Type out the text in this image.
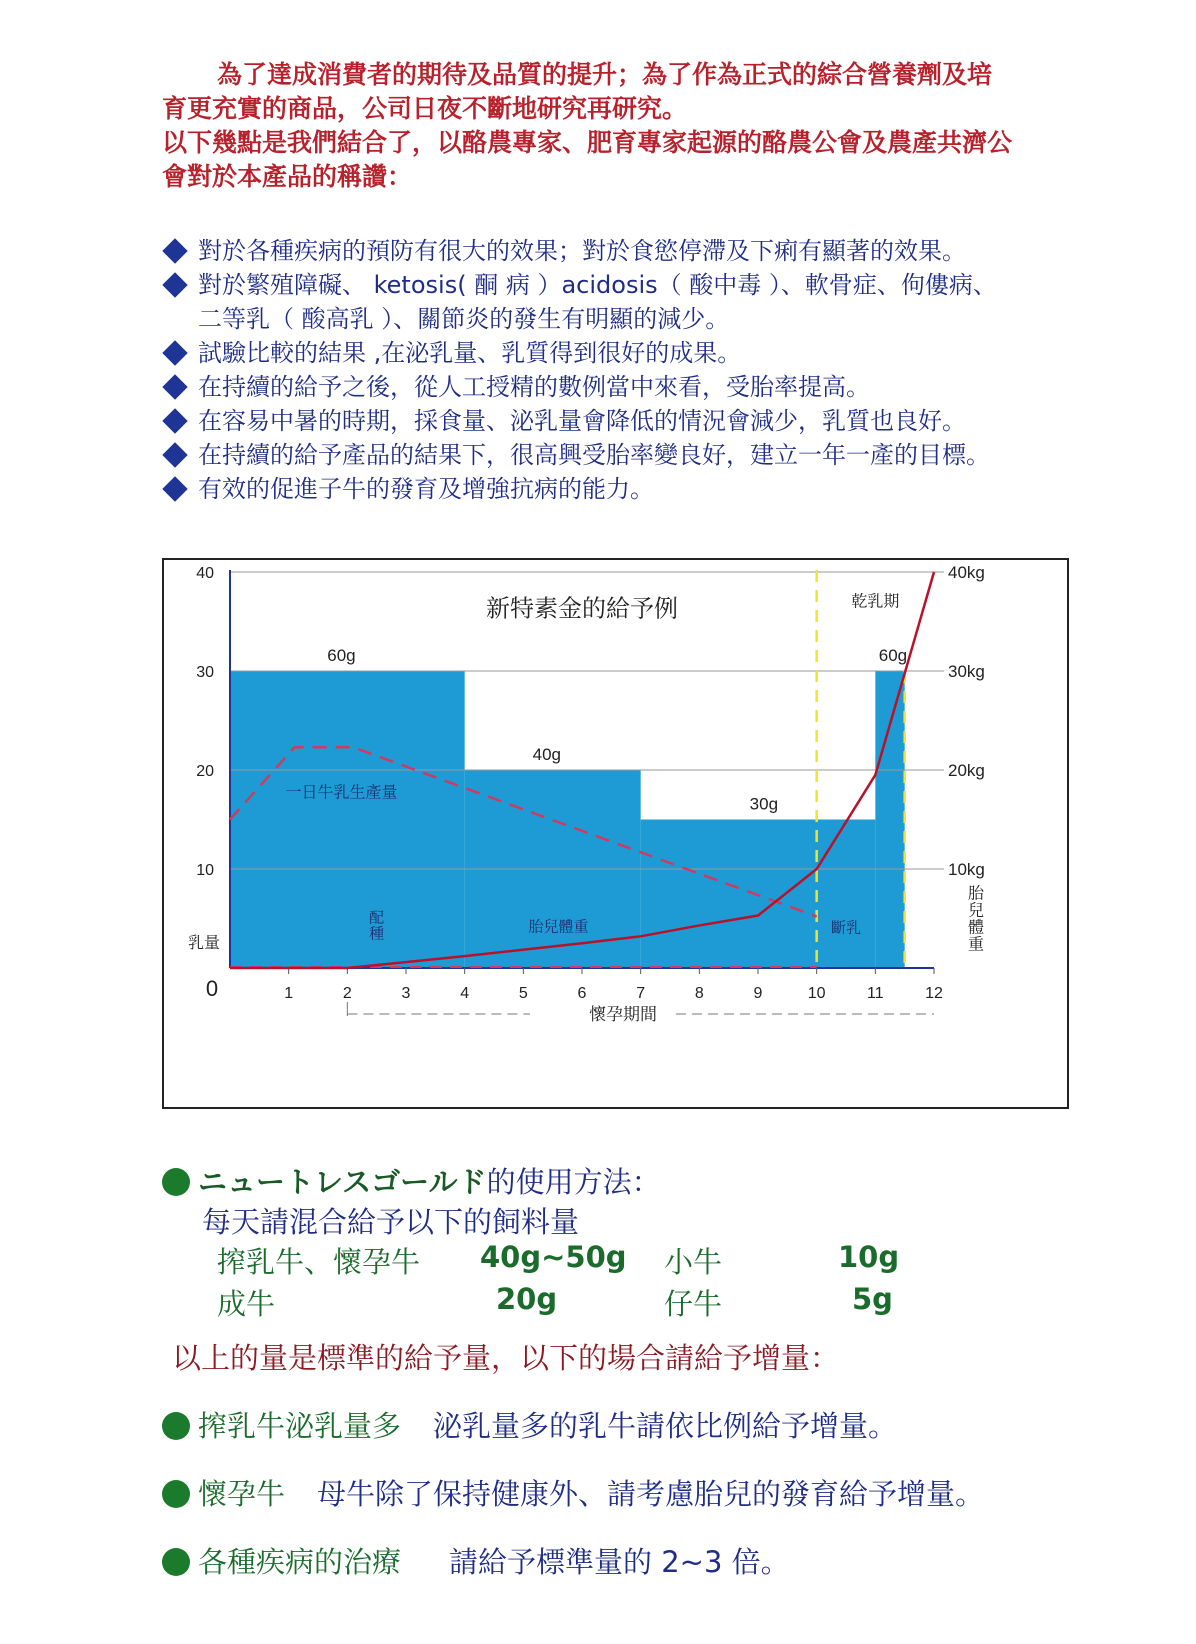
為了達成消費者的期待及品質的提升；為了作為正式的綜合營養劑及培

育更充實的商品，公司日夜不斷地研究再研究。

以下幾點是我們結合了，以酪農專家、肥育專家起源的酪農公會及農產共濟公

會對於本產品的稱讚：

對於各種疾病的預防有很大的效果；對於食慾停滯及下痢有顯著的效果。
對於繁殖障礙、 ketosis( 酮 病 ）acidosis（ 酸中毒 ）、軟骨症、佝僂病、
二等乳（ 酸高乳 ）、關節炎的發生有明顯的減少。
試驗比較的結果 ,在泌乳量、乳質得到很好的成果。
在持續的給予之後，從人工授精的數例當中來看，受胎率提高。
在容易中暑的時期，採食量、泌乳量會降低的情況會減少，乳質也良好。
在持續的給予產品的結果下，很高興受胎率變良好，建立一年一產的目標。
有效的促進子牛的發育及增強抗病的能力。
0	1	2	3	4	5	6	7	8	9	10	11	12
40
30
20
10
40kg
30kg
20kg
10kg
60g
40g
30g
60g
新特素金的給予例	乾乳期
一日牛乳生產量
胎兒體重	斷乳
配
種
乳量
胎
兒
體
重
懷孕期間
ニュートレスゴールド的使用方法：
每天請混合給予以下的飼料量
搾乳牛、懷孕牛 40g~50g 小牛	10g
成牛	20g	仔牛	5g
以上的量是標準的給予量，以下的場合請給予增量：
搾乳牛泌乳量多 泌乳量多的乳牛請依比例給予增量。
懷孕牛 母牛除了保持健康外、請考慮胎兒的發育給予增量。
各種疾病的治療 請給予標準量的 2~3 倍。
